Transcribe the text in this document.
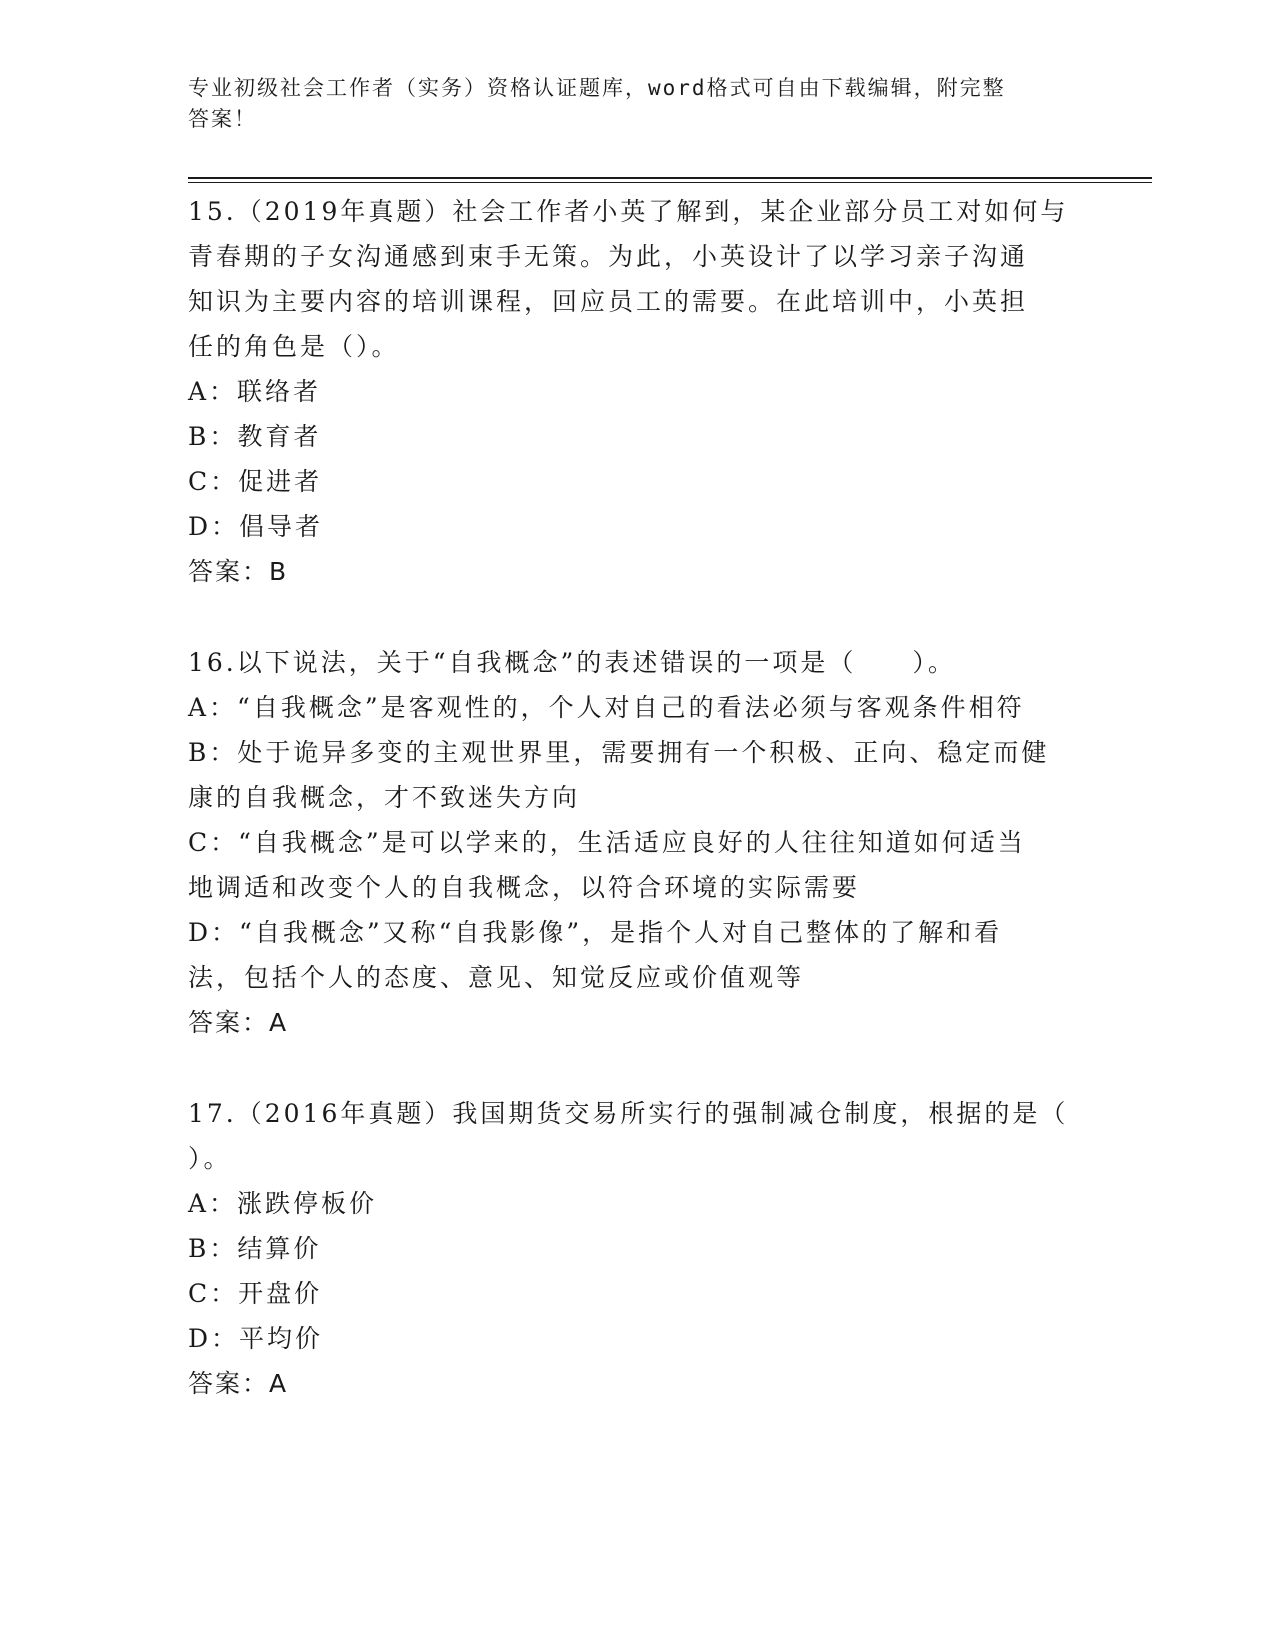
专业初级社会工作者（实务）资格认证题库，word格式可自由下载编辑，附完整
答案！
15.（2019年真题）社会工作者小英了解到，某企业部分员工对如何与
青春期的子女沟通感到束手无策。为此，小英设计了以学习亲子沟通
知识为主要内容的培训课程，回应员工的需要。在此培训中，小英担
任的角色是（）。
A：联络者
B：教育者
C：促进者
D：倡导者
答案：B
16.以下说法，关于“自我概念”的表述错误的一项是（　　）。
A：“自我概念”是客观性的，个人对自己的看法必须与客观条件相符
B：处于诡异多变的主观世界里，需要拥有一个积极、正向、稳定而健
康的自我概念，才不致迷失方向
C：“自我概念”是可以学来的，生活适应良好的人往往知道如何适当
地调适和改变个人的自我概念，以符合环境的实际需要
D：“自我概念”又称“自我影像”，是指个人对自己整体的了解和看
法，包括个人的态度、意见、知觉反应或价值观等
答案：A
17.（2016年真题）我国期货交易所实行的强制减仓制度，根据的是（
）。
A：涨跌停板价
B：结算价
C：开盘价
D：平均价
答案：A
